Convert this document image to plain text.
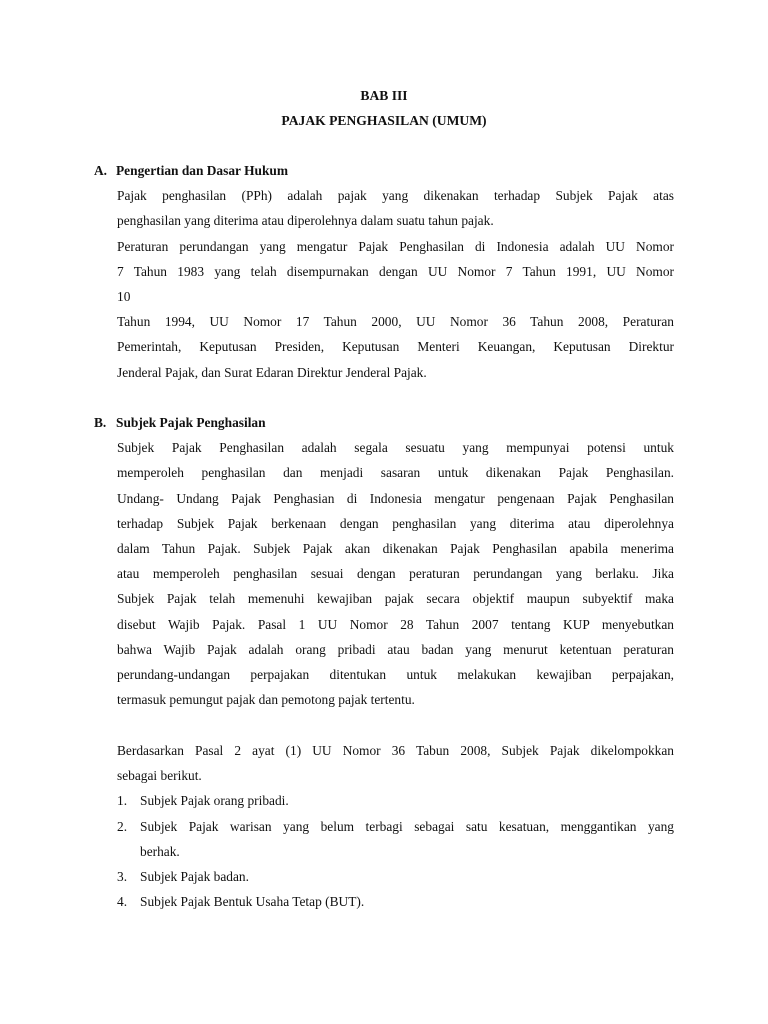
BAB III
PAJAK PENGHASILAN (UMUM)
A. Pengertian dan Dasar Hukum
Pajak penghasilan (PPh) adalah pajak yang dikenakan terhadap Subjek Pajak atas
penghasilan yang diterima atau diperolehnya dalam suatu tahun pajak.
Peraturan perundangan yang mengatur Pajak Penghasilan di Indonesia adalah UU Nomor
7 Tahun 1983 yang telah disempurnakan dengan UU Nomor 7 Tahun 1991, UU Nomor
10
Tahun 1994, UU Nomor 17 Tahun 2000, UU Nomor 36 Tahun 2008, Peraturan
Pemerintah, Keputusan Presiden, Keputusan Menteri Keuangan, Keputusan Direktur
Jenderal Pajak, dan Surat Edaran Direktur Jenderal Pajak.
B. Subjek Pajak Penghasilan
Subjek Pajak Penghasilan adalah segala sesuatu yang mempunyai potensi untuk
memperoleh penghasilan dan menjadi sasaran untuk dikenakan Pajak Penghasilan.
Undang- Undang Pajak Penghasian di Indonesia mengatur pengenaan Pajak Penghasilan
terhadap Subjek Pajak berkenaan dengan penghasilan yang diterima atau diperolehnya
dalam Tahun Pajak. Subjek Pajak akan dikenakan Pajak Penghasilan apabila menerima
atau memperoleh penghasilan sesuai dengan peraturan perundangan yang berlaku. Jika
Subjek Pajak telah memenuhi kewajiban pajak secara objektif maupun subyektif maka
disebut Wajib Pajak. Pasal 1 UU Nomor 28 Tahun 2007 tentang KUP menyebutkan
bahwa Wajib Pajak adalah orang pribadi atau badan yang menurut ketentuan peraturan
perundang-undangan perpajakan ditentukan untuk melakukan kewajiban perpajakan,
termasuk pemungut pajak dan pemotong pajak tertentu.
Berdasarkan Pasal 2 ayat (1) UU Nomor 36 Tabun 2008, Subjek Pajak dikelompokkan
sebagai berikut.
1. Subjek Pajak orang pribadi.
2. Subjek Pajak warisan yang belum terbagi sebagai satu kesatuan, menggantikan yang
berhak.
3. Subjek Pajak badan.
4. Subjek Pajak Bentuk Usaha Tetap (BUT).
